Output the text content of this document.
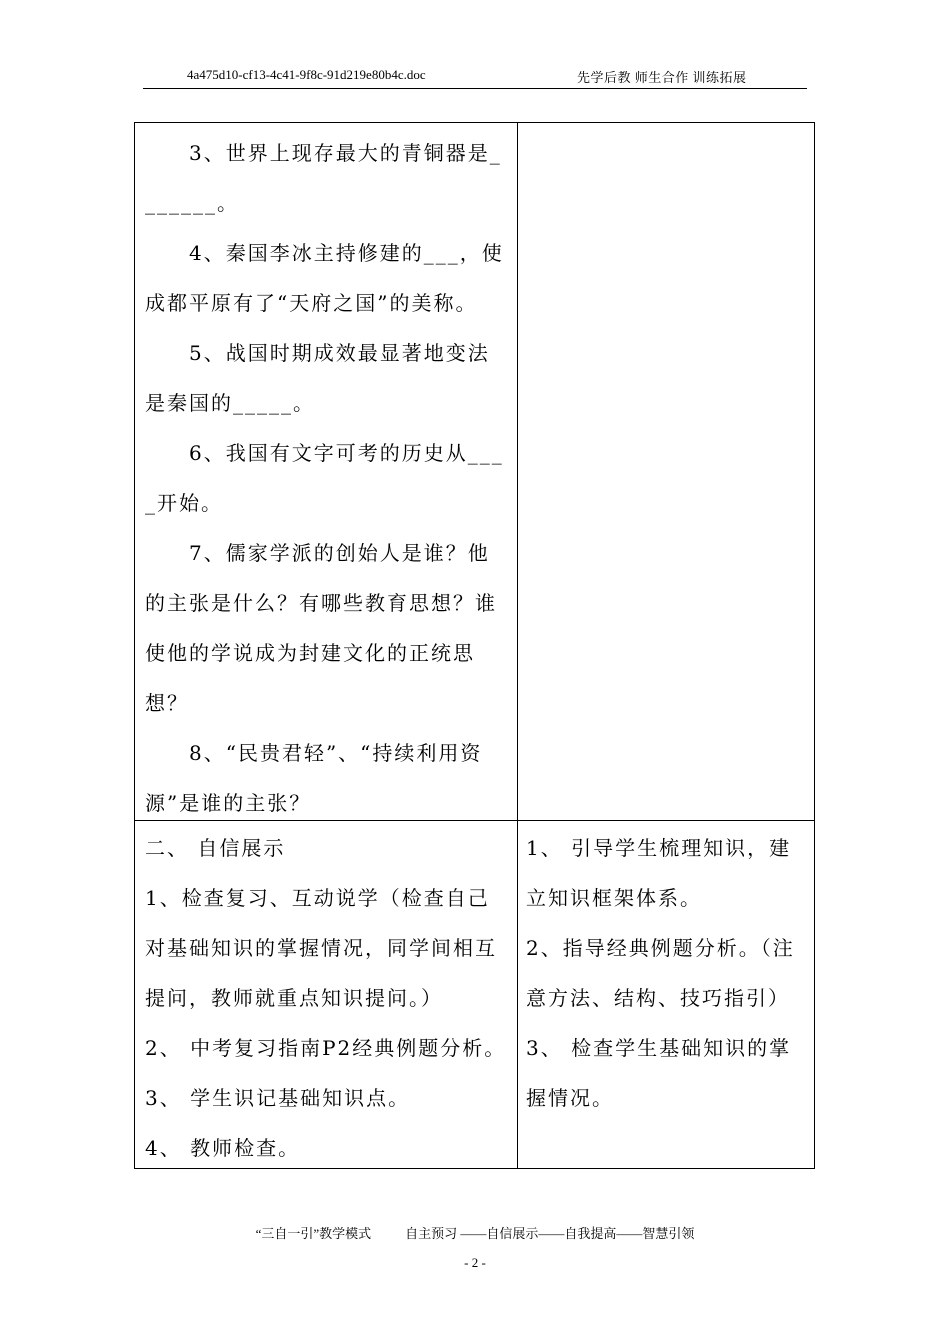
4a475d10-cf13-4c41-9f8c-91d219e80b4c.doc	先学后教 师生合作 训练拓展

3、世界上现存最大的青铜器是_______。

4、秦国李冰主持修建的___，使成都平原有了“天府之国”的美称。

5、战国时期成效最显著地变法是秦国的_____。

6、我国有文字可考的历史从____开始。

7、儒家学派的创始人是谁？他的主张是什么？有哪些教育思想？谁使他的学说成为封建文化的正统思想？

8、“民贵君轻”、“持续利用资源”是谁的主张？

二、 自信展示

1、检查复习、互动说学（检查自己对基础知识的掌握情况，同学间相互提问，教师就重点知识提问。）

2、 中考复习指南P2经典例题分析。

3、 学生识记基础知识点。

4、 教师检查。

1、 引导学生梳理知识，建立知识框架体系。

2、指导经典例题分析。（注意方法、结构、技巧指引）

3、 检查学生基础知识的掌握情况。

“三自一引”教学模式	自主预习 ——自信展示——自我提高——智慧引领
- 2 -
